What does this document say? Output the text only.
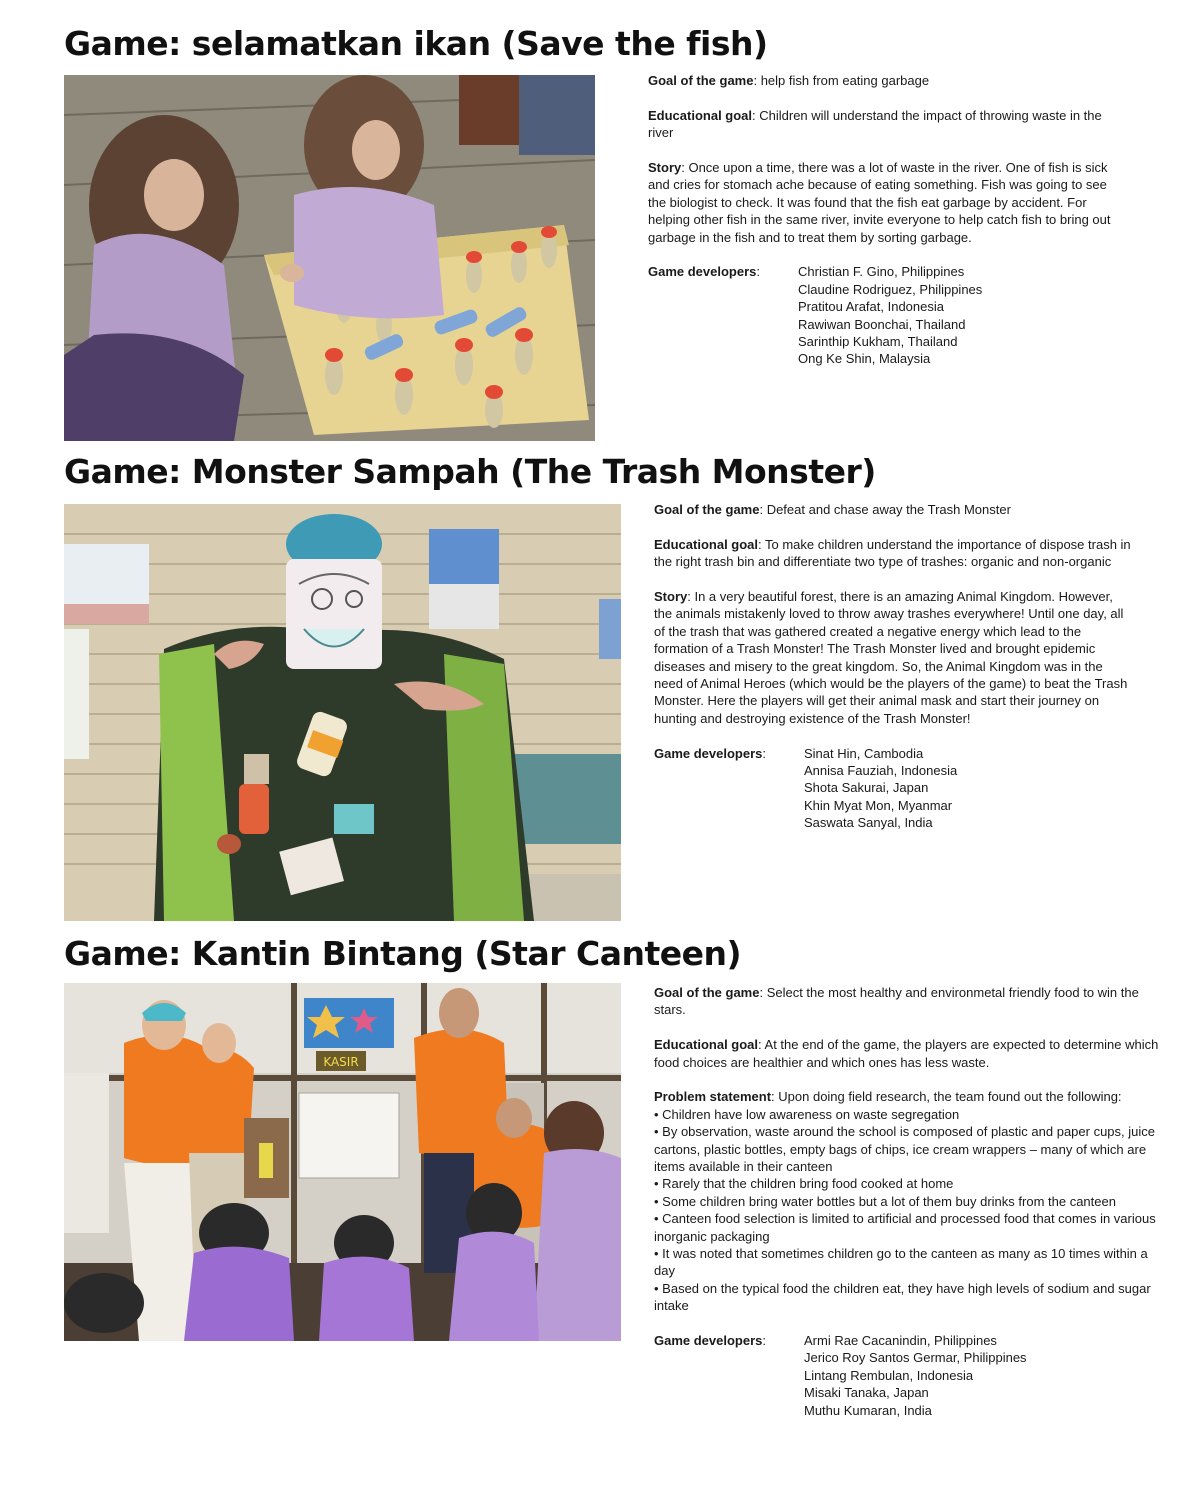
Game: selamatkan ikan (Save the fish)

Goal of the game: help fish from eating garbage

Educational goal: Children will understand the impact of throwing waste in the river

Story: Once upon a time, there was a lot of waste in the river. One of fish is sick and cries for stomach ache because of eating something. Fish was going to see the biologist to check. It was found that the fish eat garbage by accident. For helping other fish in the same river, invite everyone to help catch fish to bring out garbage in the fish and to treat them by sorting garbage.

Game developers:	Christian F. Gino, Philippines
Claudine Rodriguez, Philippines
Pratitou Arafat, Indonesia
Rawiwan Boonchai, Thailand
Sarinthip Kukham, Thailand
Ong Ke Shin, Malaysia
Game: Monster Sampah (The Trash Monster)

Goal of the game: Defeat and chase away the Trash Monster

Educational goal: To make children understand the importance of dispose trash in the right trash bin and differentiate two type of trashes: organic and non-organic

Story: In a very beautiful forest, there is an amazing Animal Kingdom. However, the animals mistakenly loved to throw away trashes everywhere! Until one day, all of the trash that was gathered created a negative energy which lead to the formation of a Trash Monster! The Trash Monster lived and brought epidemic diseases and misery to the great kingdom. So, the Animal Kingdom was in the need of Animal Heroes (which would be the players of the game) to beat the Trash Monster. Here the players will get their animal mask and start their journey on hunting and destroying existence of the Trash Monster!

Game developers:	Sinat Hin, Cambodia
Annisa Fauziah, Indonesia
Shota Sakurai, Japan
Khin Myat Mon, Myanmar
Saswata Sanyal, India
Game: Kantin Bintang (Star Canteen)
KASIR

Goal of the game: Select the most healthy and environmetal friendly food to win the stars.

Educational goal: At the end of the game, the players are expected to determine which food choices are healthier and which ones has less waste.

Problem statement: Upon doing field research, the team found out the following:

• Children have low awareness on waste segregation
• By observation, waste around the school is composed of plastic and paper cups, juice cartons, plastic bottles, empty bags of chips, ice cream wrappers – many of which are items available in their canteen
• Rarely that the children bring food cooked at home
• Some children bring water bottles but a lot of them buy drinks from the canteen
• Canteen food selection is limited to artificial and processed food that comes in various inorganic packaging
• It was noted that sometimes children go to the canteen as many as 10 times within a day
• Based on the typical food the children eat, they have high levels of sodium and sugar intake
Game developers:	Armi Rae Cacanindin, Philippines
Jerico Roy Santos Germar, Philippines
Lintang Rembulan, Indonesia
Misaki Tanaka, Japan
Muthu Kumaran, India
